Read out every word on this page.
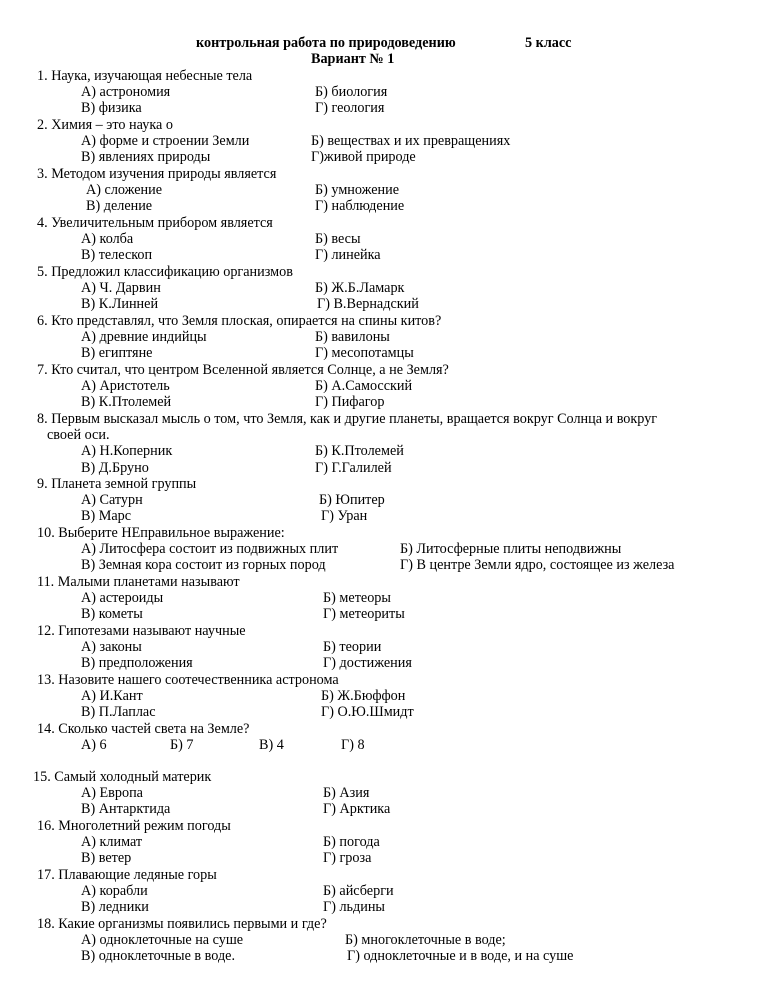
контрольная работа по природоведению	5 класс
Вариант № 1
1. Наука, изучающая небесные тела
А) астрономия	Б) биология
В) физика	Г) геология
2. Химия – это наука о
А) форме и строении Земли	Б) веществах и их превращениях
В) явлениях природы	Г)живой природе
3. Методом изучения природы является
А) сложение	Б) умножение
В) деление	Г) наблюдение
4. Увеличительным прибором является
А) колба	Б) весы
В) телескоп	Г) линейка
5. Предложил классификацию организмов
А) Ч. Дарвин	Б) Ж.Б.Ламарк
В) К.Линней	Г) В.Вернадский
6. Кто представлял, что Земля плоская, опирается на спины китов?
А) древние индийцы	Б) вавилоны
В) египтяне	Г) месопотамцы
7. Кто считал, что центром Вселенной является Солнце, а не Земля?
А) Аристотель	Б) А.Самосский
В) К.Птолемей	Г) Пифагор
8. Первым высказал мысль о том, что Земля, как и другие планеты, вращается вокруг Солнца и вокруг
своей оси.
А) Н.Коперник	Б) К.Птолемей
В) Д.Бруно	Г) Г.Галилей
9. Планета земной группы
А) Сатурн	Б) Юпитер
В) Марс	Г) Уран
10. Выберите НЕправильное выражение:
А) Литосфера состоит из подвижных плит	Б) Литосферные плиты неподвижны
В) Земная кора состоит из горных пород	Г) В центре Земли ядро, состоящее из железа
11. Малыми планетами называют
А) астероиды	Б) метеоры
В) кометы	Г) метеориты
12. Гипотезами называют научные
А) законы	Б) теории
В) предположения	Г) достижения
13. Назовите нашего соотечественника астронома
А) И.Кант	Б) Ж.Бюффон
В) П.Лаплас	Г) О.Ю.Шмидт
14. Сколько частей света на Земле?
А) 6	Б) 7	В) 4	Г) 8
15. Самый холодный материк
А) Европа	Б) Азия
В) Антарктида	Г) Арктика
16. Многолетний режим погоды
А) климат	Б) погода
В) ветер	Г) гроза
17. Плавающие ледяные горы
А) корабли	Б) айсберги
В) ледники	Г) льдины
18. Какие организмы появились первыми и где?
А) одноклеточные на суше	Б) многоклеточные в воде;
В) одноклеточные в воде.	Г) одноклеточные и в воде, и на суше
